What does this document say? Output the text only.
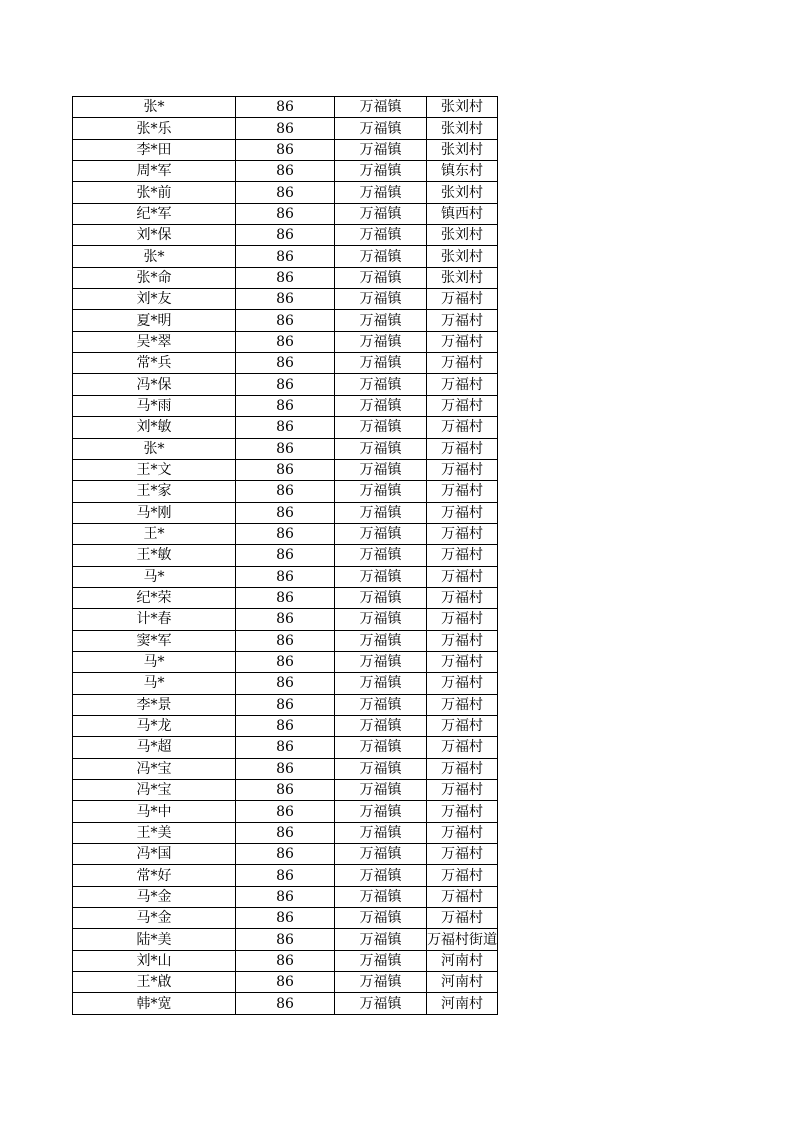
张*	86	万福镇	张刘村
张*乐	86	万福镇	张刘村
李*田	86	万福镇	张刘村
周*军	86	万福镇	镇东村
张*前	86	万福镇	张刘村
纪*军	86	万福镇	镇西村
刘*保	86	万福镇	张刘村
张*	86	万福镇	张刘村
张*命	86	万福镇	张刘村
刘*友	86	万福镇	万福村
夏*明	86	万福镇	万福村
吴*翠	86	万福镇	万福村
常*兵	86	万福镇	万福村
冯*保	86	万福镇	万福村
马*雨	86	万福镇	万福村
刘*敏	86	万福镇	万福村
张*	86	万福镇	万福村
王*文	86	万福镇	万福村
王*家	86	万福镇	万福村
马*刚	86	万福镇	万福村
王*	86	万福镇	万福村
王*敏	86	万福镇	万福村
马*	86	万福镇	万福村
纪*荣	86	万福镇	万福村
计*春	86	万福镇	万福村
窦*军	86	万福镇	万福村
马*	86	万福镇	万福村
马*	86	万福镇	万福村
李*景	86	万福镇	万福村
马*龙	86	万福镇	万福村
马*超	86	万福镇	万福村
冯*宝	86	万福镇	万福村
冯*宝	86	万福镇	万福村
马*中	86	万福镇	万福村
王*美	86	万福镇	万福村
冯*国	86	万福镇	万福村
常*好	86	万福镇	万福村
马*金	86	万福镇	万福村
马*金	86	万福镇	万福村
陆*美	86	万福镇	万福村街道
刘*山	86	万福镇	河南村
王*啟	86	万福镇	河南村
韩*宽	86	万福镇	河南村
